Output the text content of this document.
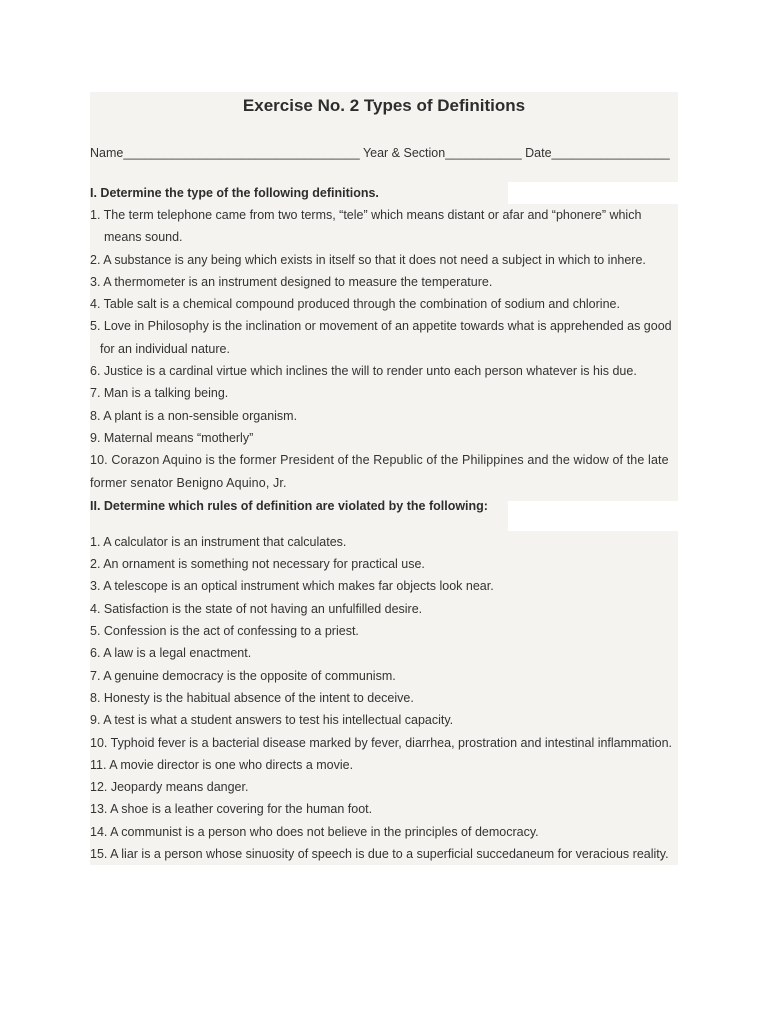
Exercise No. 2 Types of Definitions
Name__________________________________ Year & Section___________ Date_________________
I. Determine the type of the following definitions.
1. The term telephone came from two terms, “tele” which means distant or afar and “phonere” which
means sound.
2. A substance is any being which exists in itself so that it does not need a subject in which to inhere.
3. A thermometer is an instrument designed to measure the temperature.
4. Table salt is a chemical compound produced through the combination of sodium and chlorine.
5. Love in Philosophy is the inclination or movement of an appetite towards what is apprehended as good
for an individual nature.
6. Justice is a cardinal virtue which inclines the will to render unto each person whatever is his due.
7. Man is a talking being.
8. A plant is a non-sensible organism.
9. Maternal means “motherly”
10. Corazon Aquino is the former President of the Republic of the Philippines and the widow of the late
former senator Benigno Aquino, Jr.
II. Determine which rules of definition are violated by the following:
1. A calculator is an instrument that calculates.
2. An ornament is something not necessary for practical use.
3. A telescope is an optical instrument which makes far objects look near.
4. Satisfaction is the state of not having an unfulfilled desire.
5. Confession is the act of confessing to a priest.
6. A law is a legal enactment.
7. A genuine democracy is the opposite of communism.
8. Honesty is the habitual absence of the intent to deceive.
9. A test is what a student answers to test his intellectual capacity.
10. Typhoid fever is a bacterial disease marked by fever, diarrhea, prostration and intestinal inflammation.
11. A movie director is one who directs a movie.
12. Jeopardy means danger.
13. A shoe is a leather covering for the human foot.
14. A communist is a person who does not believe in the principles of democracy.
15. A liar is a person whose sinuosity of speech is due to a superficial succedaneum for veracious reality.
